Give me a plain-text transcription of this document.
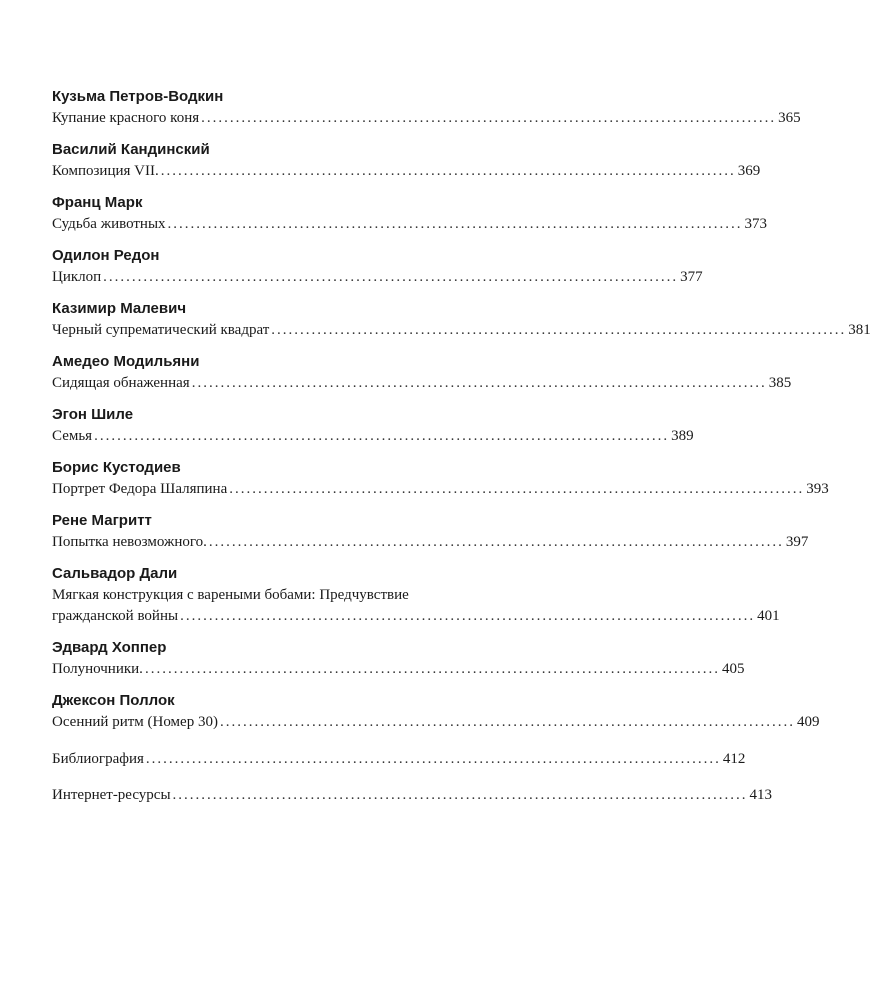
Кузьма Петров-Водкин
Купание красного коня .................................................................................................... 365
Василий Кандинский
Композиция VII. .................................................................................................... 369
Франц Марк
Судьба животных .................................................................................................... 373
Одилон Редон
Циклоп .................................................................................................... 377
Казимир Малевич
Черный супрематический квадрат .................................................................................................... 381
Амедео Модильяни
Сидящая обнаженная .................................................................................................... 385
Эгон Шиле
Семья .................................................................................................... 389
Борис Кустодиев
Портрет Федора Шаляпина .................................................................................................... 393
Рене Магритт
Попытка невозможного. .................................................................................................... 397
Сальвадор Дали
Мягкая конструкция с вареными бобами: Предчувствие
гражданской войны .................................................................................................... 401
Эдвард Хоппер
Полуночники. .................................................................................................... 405
Джексон Поллок
Осенний ритм (Номер 30) .................................................................................................... 409
Библиография .................................................................................................... 412
Интернет-ресурсы .................................................................................................... 413
